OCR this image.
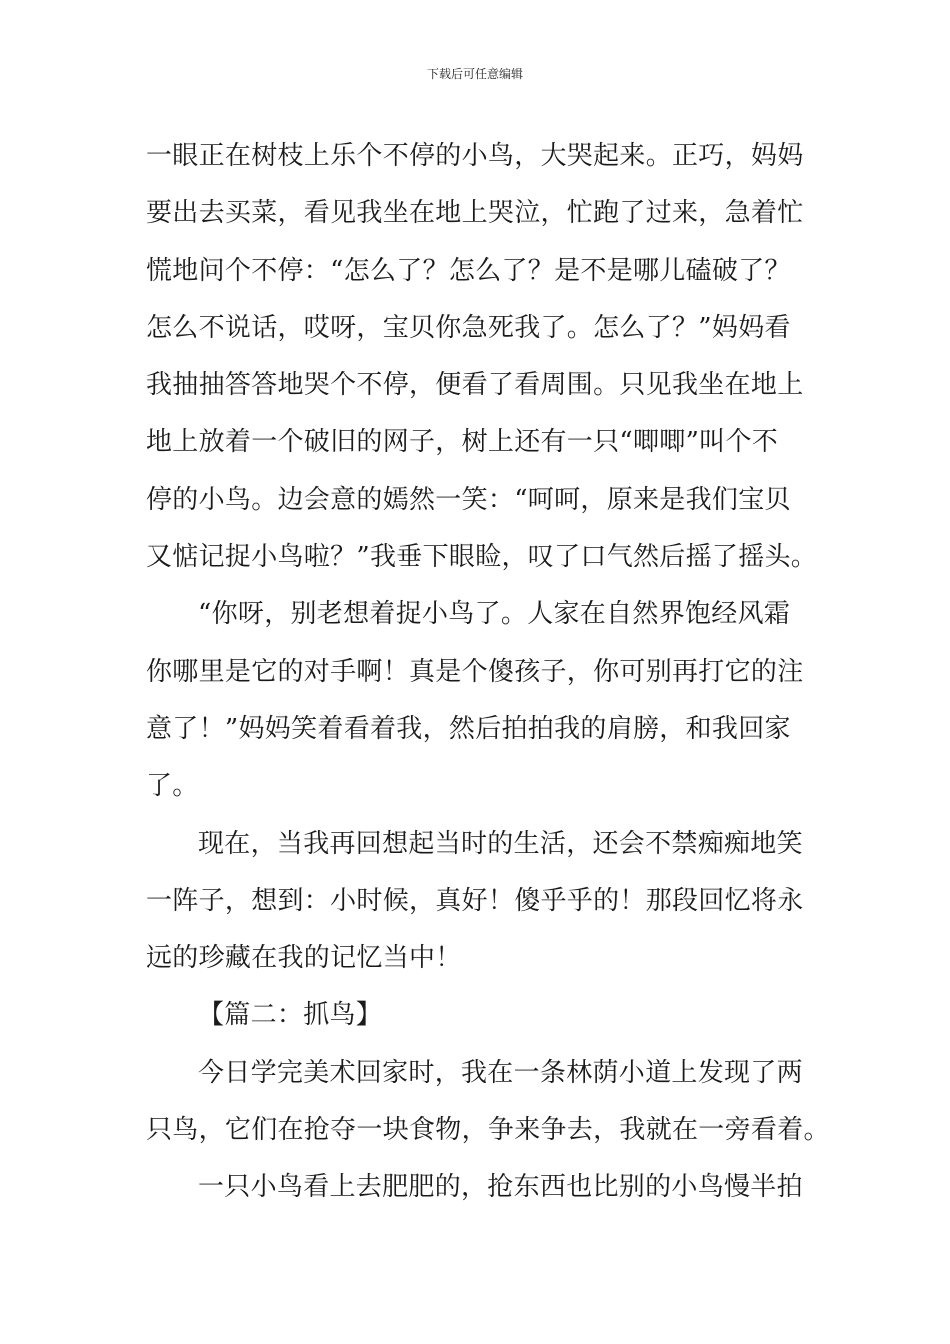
下载后可任意编辑
一眼正在树枝上乐个不停的小鸟，大哭起来。正巧，妈妈
要出去买菜，看见我坐在地上哭泣，忙跑了过来，急着忙
慌地问个不停：“怎么了？怎么了？是不是哪儿磕破了？
怎么不说话，哎呀，宝贝你急死我了。怎么了？”妈妈看
我抽抽答答地哭个不停，便看了看周围。只见我坐在地上
地上放着一个破旧的网子，树上还有一只“唧唧”叫个不
停的小鸟。边会意的嫣然一笑：“呵呵，原来是我们宝贝
又惦记捉小鸟啦？”我垂下眼睑，叹了口气然后摇了摇头。
“你呀，别老想着捉小鸟了。人家在自然界饱经风霜
你哪里是它的对手啊！真是个傻孩子，你可别再打它的注
意了！”妈妈笑着看着我，然后拍拍我的肩膀，和我回家
了。
现在，当我再回想起当时的生活，还会不禁痴痴地笑
一阵子，想到：小时候，真好！傻乎乎的！那段回忆将永
远的珍藏在我的记忆当中！
【篇二：抓鸟】
今日学完美术回家时，我在一条林荫小道上发现了两
只鸟，它们在抢夺一块食物，争来争去，我就在一旁看着。
一只小鸟看上去肥肥的，抢东西也比别的小鸟慢半拍
